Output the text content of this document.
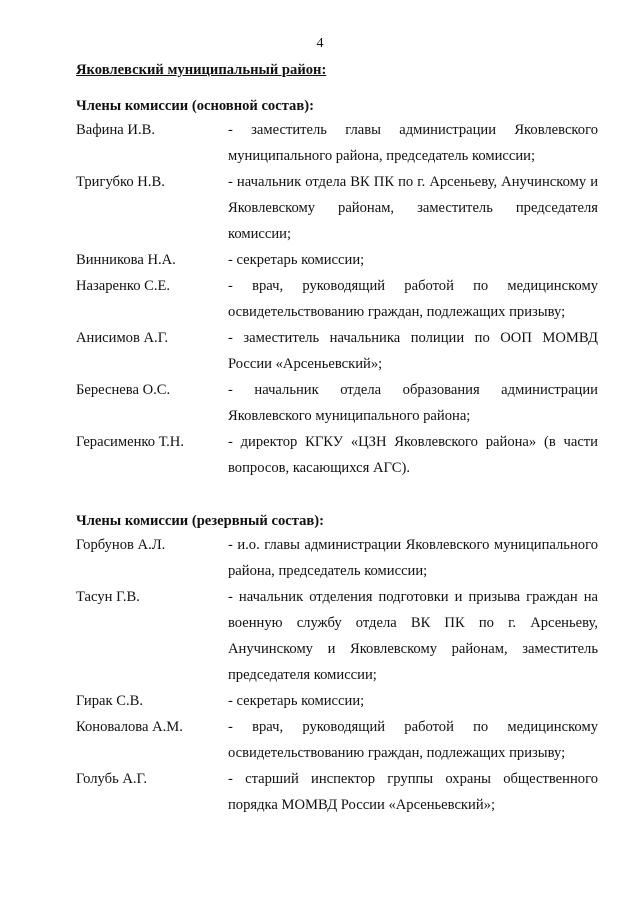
4
Яковлевский муниципальный район:
Члены комиссии (основной состав):
Вафина И.В.	- заместитель главы администрации Яковлевского муниципального района, председатель комиссии;
Тригубко Н.В.	- начальник отдела ВК ПК по г. Арсеньеву, Анучинскому и Яковлевскому районам, заместитель председателя комиссии;
Винникова Н.А.	- секретарь комиссии;
Назаренко С.Е.	- врач, руководящий работой по медицинскому освидетельствованию граждан, подлежащих призыву;
Анисимов А.Г.	- заместитель начальника полиции по ООП МОМВД России «Арсеньевский»;
Береснева О.С.	- начальник отдела образования администрации Яковлевского муниципального района;
Герасименко Т.Н.	- директор КГКУ «ЦЗН Яковлевского района» (в части вопросов, касающихся АГС).
Члены комиссии (резервный состав):
Горбунов А.Л.	- и.о. главы администрации Яковлевского муниципального района, председатель комиссии;
Тасун Г.В.	- начальник отделения подготовки и призыва граждан на военную службу отдела ВК ПК по г. Арсеньеву, Анучинскому и Яковлевскому районам, заместитель председателя комиссии;
Гирак С.В.	- секретарь комиссии;
Коновалова А.М.	- врач, руководящий работой по медицинскому освидетельствованию граждан, подлежащих призыву;
Голубь А.Г.	- старший инспектор группы охраны общественного порядка МОМВД России «Арсеньевский»;
